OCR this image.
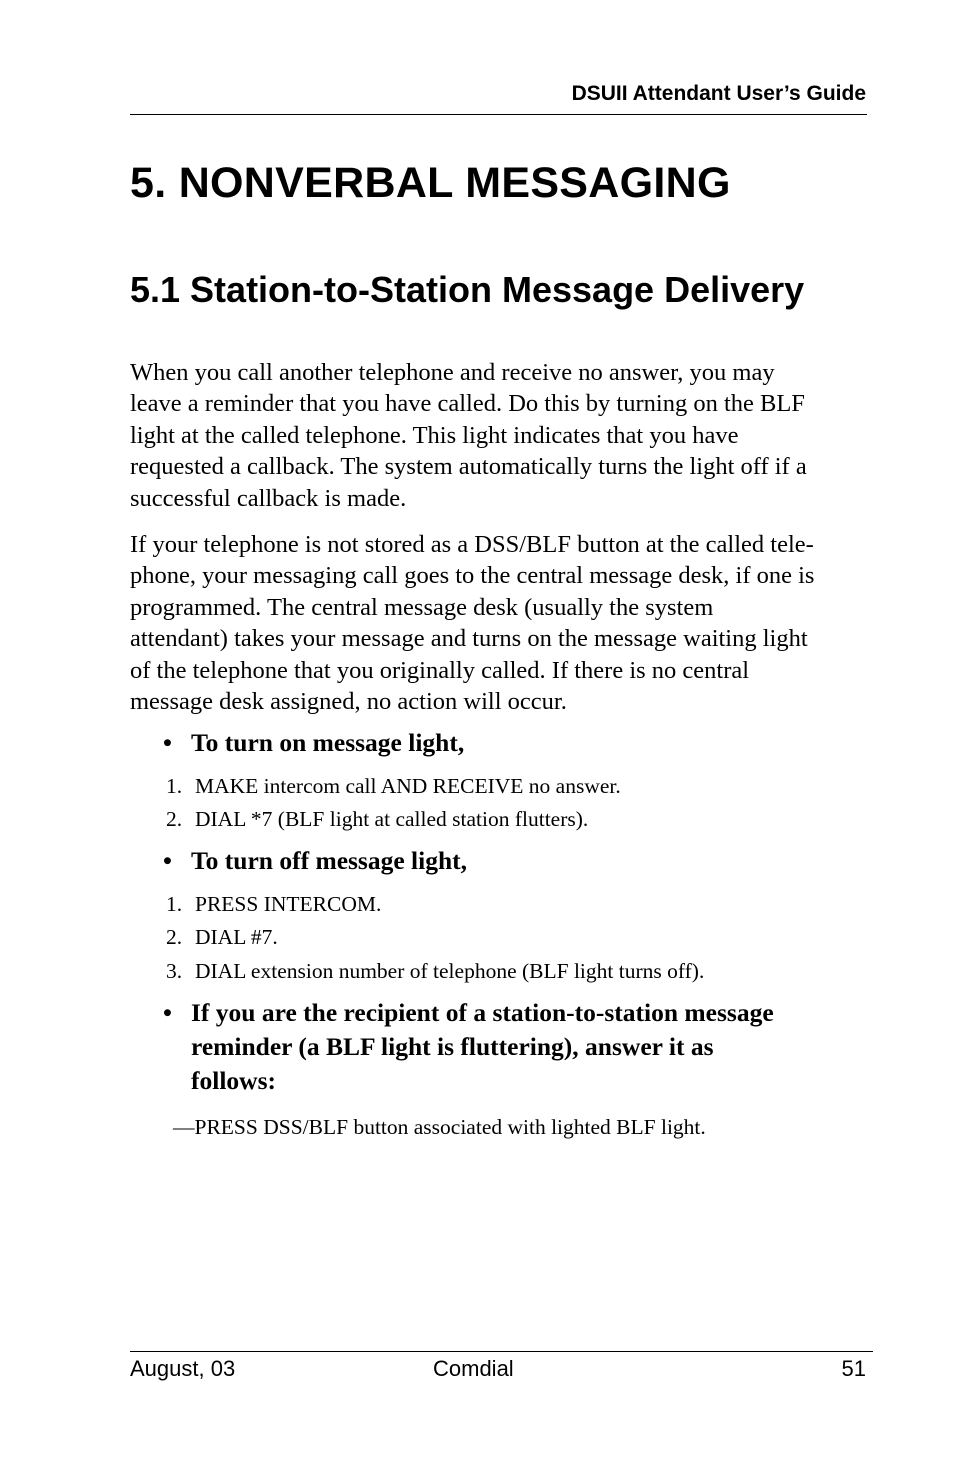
DSUII Attendant User’s Guide
5. NONVERBAL MESSAGING
5.1 Station-to-Station Message Delivery

When you call another telephone and receive no answer, you may
leave a reminder that you have called. Do this by turning on the BLF
light at the called telephone. This light indicates that you have
requested a callback. The system automatically turns the light off if a
successful callback is made.

If your telephone is not stored as a DSS/BLF button at the called tele-
phone, your messaging call goes to the central message desk, if one is
programmed. The central message desk (usually the system
attendant) takes your message and turns on the message waiting light
of the telephone that you originally called. If there is no central
message desk assigned, no action will occur.

• To turn on message light,
1. MAKE intercom call AND RECEIVE no answer.
2. DIAL *7 (BLF light at called station flutters).
• To turn off message light,
1. PRESS INTERCOM.
2. DIAL #7.
3. DIAL extension number of telephone (BLF light turns off).
• If you are the recipient of a station-to-station message
reminder (a BLF light is fluttering), answer it as
follows:
—PRESS DSS/BLF button associated with lighted BLF light.
August, 03	Comdial	51
